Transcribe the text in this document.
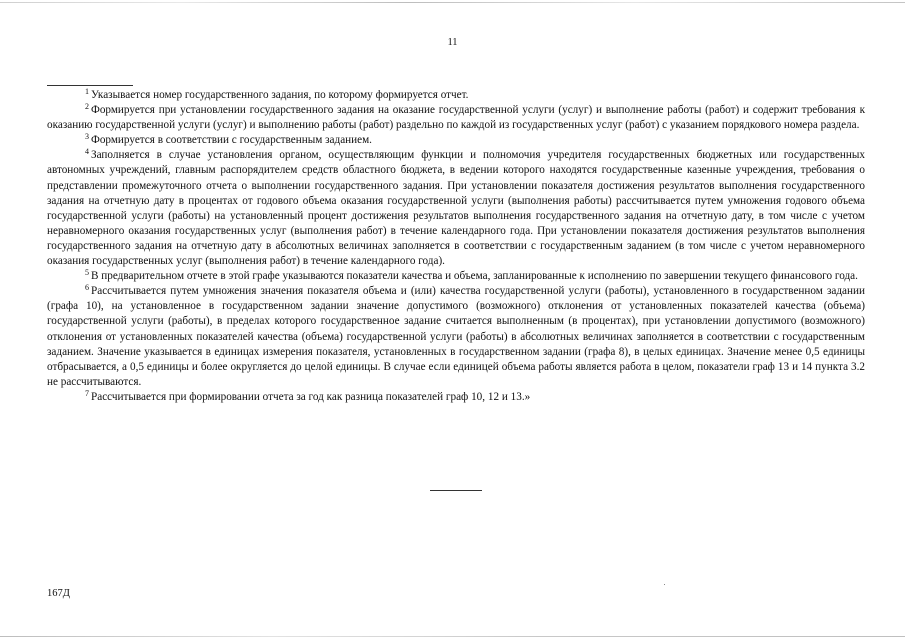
11

$^1$ Указывается номер государственного задания, по которому формируется отчет.

$^2$ Формируется при установлении государственного задания на оказание государственной услуги (услуг) и выполнение работы (работ) и содержит требования к оказанию государственной услуги (услуг) и выполнению работы (работ) раздельно по каждой из государственных услуг (работ) с указанием порядкового номера раздела.

$^3$ Формируется в соответствии с государственным заданием.

$^4$ Заполняется в случае установления органом, осуществляющим функции и полномочия учредителя государственных бюджетных или государственных автономных учреждений, главным распорядителем средств областного бюджета, в ведении которого находятся государственные казенные учреждения, требования о представлении промежуточного отчета о выполнении государственного задания. При установлении показателя достижения результатов выполнения государственного задания на отчетную дату в процентах от годового объема оказания государственной услуги (выполнения работы) рассчитывается путем умножения годового объема государственной услуги (работы) на установленный процент достижения результатов выполнения государственного задания на отчетную дату, в том числе с учетом неравномерного оказания государственных услуг (выполнения работ) в течение календарного года. При установлении показателя достижения результатов выполнения государственного задания на отчетную дату в абсолютных величинах заполняется в соответствии с государственным заданием (в том числе с учетом неравномерного оказания государственных услуг (выполнения работ) в течение календарного года).

$^5$ В предварительном отчете в этой графе указываются показатели качества и объема, запланированные к исполнению по завершении текущего финансового года.

$^6$ Рассчитывается путем умножения значения показателя объема и (или) качества государственной услуги (работы), установленного в государственном задании (графа 10), на установленное в государственном задании значение допустимого (возможного) отклонения от установленных показателей качества (объема) государственной услуги (работы), в пределах которого государственное задание считается выполненным (в процентах), при установлении допустимого (возможного) отклонения от установленных показателей качества (объема) государственной услуги (работы) в абсолютных величинах заполняется в соответствии с государственным заданием. Значение указывается в единицах измерения показателя, установленных в государственном задании (графа 8), в целых единицах. Значение менее 0,5 единицы отбрасывается, а 0,5 единицы и более округляется до целой единицы. В случае если единицей объема работы является работа в целом, показатели граф 13 и 14 пункта 3.2 не рассчитываются.

$^7$ Рассчитывается при формировании отчета за год как разница показателей граф 10, 12 и 13.»

167Д
